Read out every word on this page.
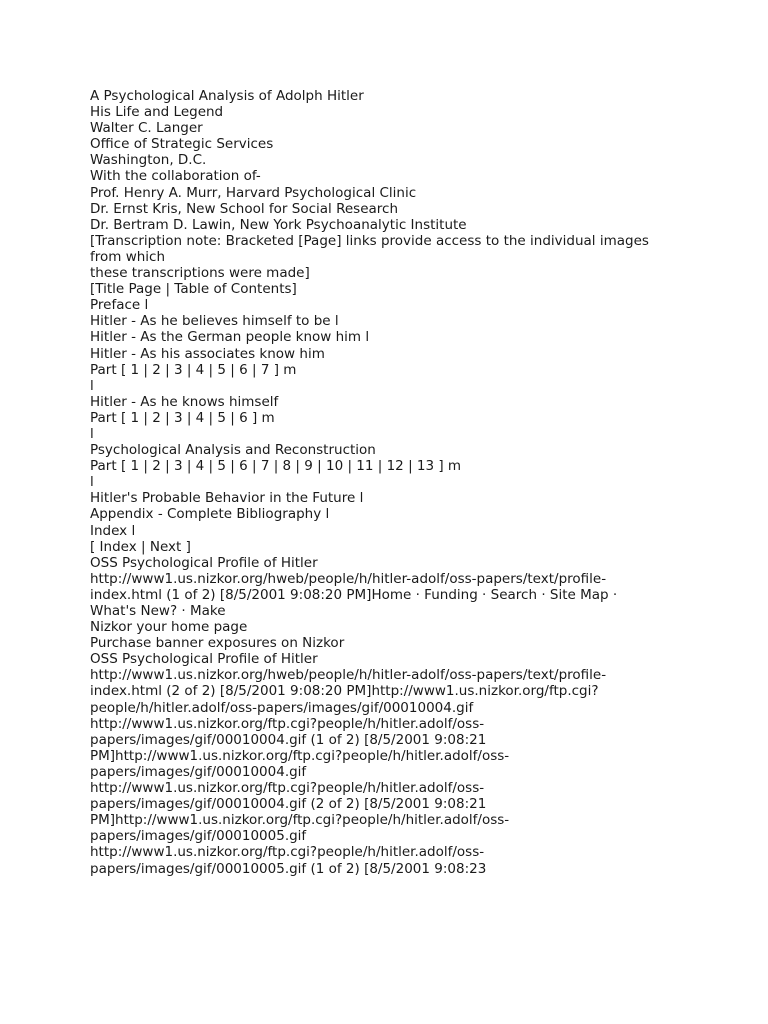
A Psychological Analysis of Adolph Hitler
His Life and Legend
Walter C. Langer
Office of Strategic Services
Washington, D.C.
With the collaboration of-
Prof. Henry A. Murr, Harvard Psychological Clinic
Dr. Ernst Kris, New School for Social Research
Dr. Bertram D. Lawin, New York Psychoanalytic Institute
[Transcription note: Bracketed [Page] links provide access to the individual images
from which
these transcriptions were made]
[Title Page | Table of Contents]
Preface l
Hitler - As he believes himself to be l
Hitler - As the German people know him l
Hitler - As his associates know him
Part [ 1 | 2 | 3 | 4 | 5 | 6 | 7 ] m
l
Hitler - As he knows himself
Part [ 1 | 2 | 3 | 4 | 5 | 6 ] m
l
Psychological Analysis and Reconstruction
Part [ 1 | 2 | 3 | 4 | 5 | 6 | 7 | 8 | 9 | 10 | 11 | 12 | 13 ] m
l
Hitler's Probable Behavior in the Future l
Appendix - Complete Bibliography l
Index l
[ Index | Next ]
OSS Psychological Profile of Hitler
http://www1.us.nizkor.org/hweb/people/h/hitler-adolf/oss-papers/text/profile-
index.html (1 of 2) [8/5/2001 9:08:20 PM]Home · Funding · Search · Site Map ·
What's New? · Make
Nizkor your home page
Purchase banner exposures on Nizkor
OSS Psychological Profile of Hitler
http://www1.us.nizkor.org/hweb/people/h/hitler-adolf/oss-papers/text/profile-
index.html (2 of 2) [8/5/2001 9:08:20 PM]http://www1.us.nizkor.org/ftp.cgi?
people/h/hitler.adolf/oss-papers/images/gif/00010004.gif
http://www1.us.nizkor.org/ftp.cgi?people/h/hitler.adolf/oss-
papers/images/gif/00010004.gif (1 of 2) [8/5/2001 9:08:21
PM]http://www1.us.nizkor.org/ftp.cgi?people/h/hitler.adolf/oss-
papers/images/gif/00010004.gif
http://www1.us.nizkor.org/ftp.cgi?people/h/hitler.adolf/oss-
papers/images/gif/00010004.gif (2 of 2) [8/5/2001 9:08:21
PM]http://www1.us.nizkor.org/ftp.cgi?people/h/hitler.adolf/oss-
papers/images/gif/00010005.gif
http://www1.us.nizkor.org/ftp.cgi?people/h/hitler.adolf/oss-
papers/images/gif/00010005.gif (1 of 2) [8/5/2001 9:08:23
